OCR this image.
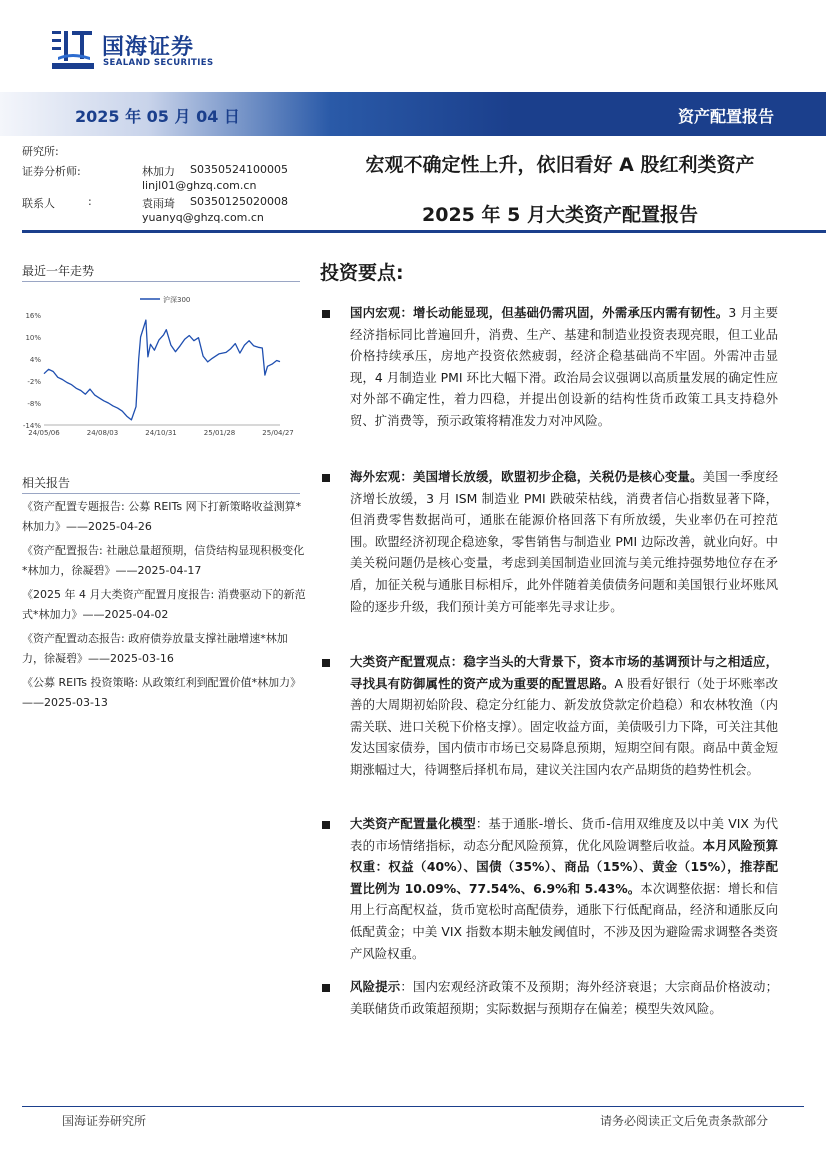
国海证券
SEALAND SECURITIES
2025 年 05 月 04 日	资产配置报告
研究所:
证券分析师:	林加力 S0350524100005
linjl01@ghzq.com.cn
联系人	:	袁雨琦 S0350125020008
yuanyq@ghzq.com.cn
宏观不确定性上升，依旧看好 A 股红利类资产
2025 年 5 月大类资产配置报告
最近一年走势
16%
10%
4%
-2%
-8%
-14%
24/05/06	24/08/03	24/10/31	25/01/28	25/04/27
沪深300
相关报告
《资产配置专题报告: 公募 REITs 网下打新策略收益测算*林加力》——2025-04-26
《资产配置报告: 社融总量超预期，信贷结构显现积极变化*林加力，徐凝碧》——2025-04-17
《2025 年 4 月大类资产配置月度报告: 消费驱动下的新范式*林加力》——2025-04-02
《资产配置动态报告: 政府债券放量支撑社融增速*林加力，徐凝碧》——2025-03-16
《公募 REITs 投资策略: 从政策红利到配置价值*林加力》——2025-03-13
投资要点:
国内宏观：增长动能显现，但基础仍需巩固，外需承压内需有韧性。3 月主要经济指标同比普遍回升，消费、生产、基建和制造业投资表现亮眼，但工业品价格持续承压，房地产投资依然疲弱，经济企稳基础尚不牢固。外需冲击显现，4 月制造业 PMI 环比大幅下滑。政治局会议强调以高质量发展的确定性应对外部不确定性，着力四稳，并提出创设新的结构性货币政策工具支持稳外贸、扩消费等，预示政策将精准发力对冲风险。
海外宏观：美国增长放缓，欧盟初步企稳，关税仍是核心变量。美国一季度经济增长放缓，3 月 ISM 制造业 PMI 跌破荣枯线，消费者信心指数显著下降，但消费零售数据尚可，通胀在能源价格回落下有所放缓，失业率仍在可控范围。欧盟经济初现企稳迹象，零售销售与制造业 PMI 边际改善，就业向好。中美关税问题仍是核心变量，考虑到美国制造业回流与美元维持强势地位存在矛盾，加征关税与通胀目标相斥，此外伴随着美债债务问题和美国银行业坏账风险的逐步升级，我们预计美方可能率先寻求让步。
大类资产配置观点：稳字当头的大背景下，资本市场的基调预计与之相适应，寻找具有防御属性的资产成为重要的配置思路。A 股看好银行（处于坏账率改善的大周期初始阶段、稳定分红能力、新发放贷款定价趋稳）和农林牧渔（内需关联、进口关税下价格支撑）。固定收益方面，美债吸引力下降，可关注其他发达国家债券，国内债市市场已交易降息预期，短期空间有限。商品中黄金短期涨幅过大，待调整后择机布局，建议关注国内农产品期货的趋势性机会。
大类资产配置量化模型：基于通胀-增长、货币-信用双维度及以中美 VIX 为代表的市场情绪指标，动态分配风险预算，优化风险调整后收益。本月风险预算权重：权益（40%）、国债（35%）、商品（15%）、黄金（15%），推荐配置比例为 10.09%、77.54%、6.9%和 5.43%。本次调整依据：增长和信用上行高配权益，货币宽松时高配债券，通胀下行低配商品，经济和通胀反向低配黄金；中美 VIX 指数本期未触发阈值时，不涉及因为避险需求调整各类资产风险权重。
风险提示：国内宏观经济政策不及预期；海外经济衰退；大宗商品价格波动；美联储货币政策超预期；实际数据与预期存在偏差；模型失效风险。
国海证券研究所	请务必阅读正文后免责条款部分
